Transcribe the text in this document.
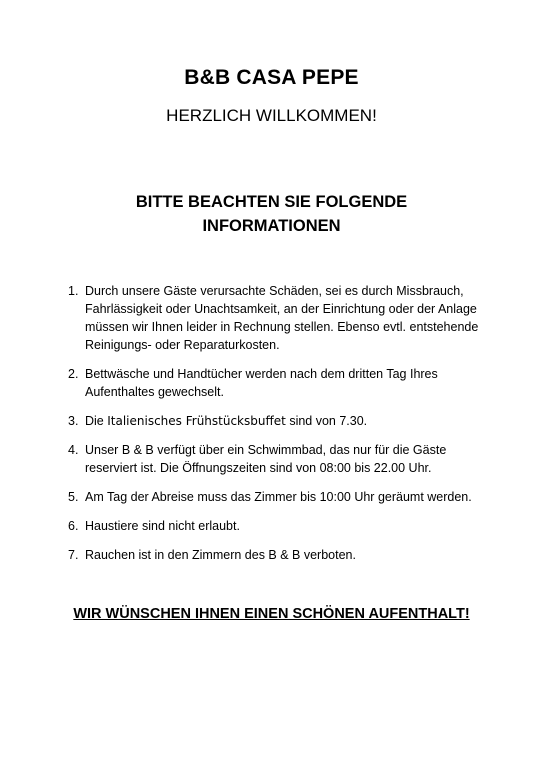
B&B CASA PEPE
HERZLICH WILLKOMMEN!
BITTE BEACHTEN SIE FOLGENDE
INFORMATIONEN
1. Durch unsere Gäste verursachte Schäden, sei es durch Missbrauch, Fahrlässigkeit oder Unachtsamkeit, an der Einrichtung oder der Anlage müssen wir Ihnen leider in Rechnung stellen. Ebenso evtl. entstehende Reinigungs- oder Reparaturkosten.
2. Bettwäsche und Handtücher werden nach dem dritten Tag Ihres Aufenthaltes gewechselt.
3. Die Italienisches Frühstücksbuffet sind von 7.30.
4. Unser B & B verfügt über ein Schwimmbad, das nur für die Gäste reserviert ist. Die Öffnungszeiten sind von 08:00 bis 22.00 Uhr.
5. Am Tag der Abreise muss das Zimmer bis 10:00 Uhr geräumt werden.
6. Haustiere sind nicht erlaubt.
7. Rauchen ist in den Zimmern des B & B verboten.
WIR WÜNSCHEN IHNEN EINEN SCHÖNEN AUFENTHALT!
